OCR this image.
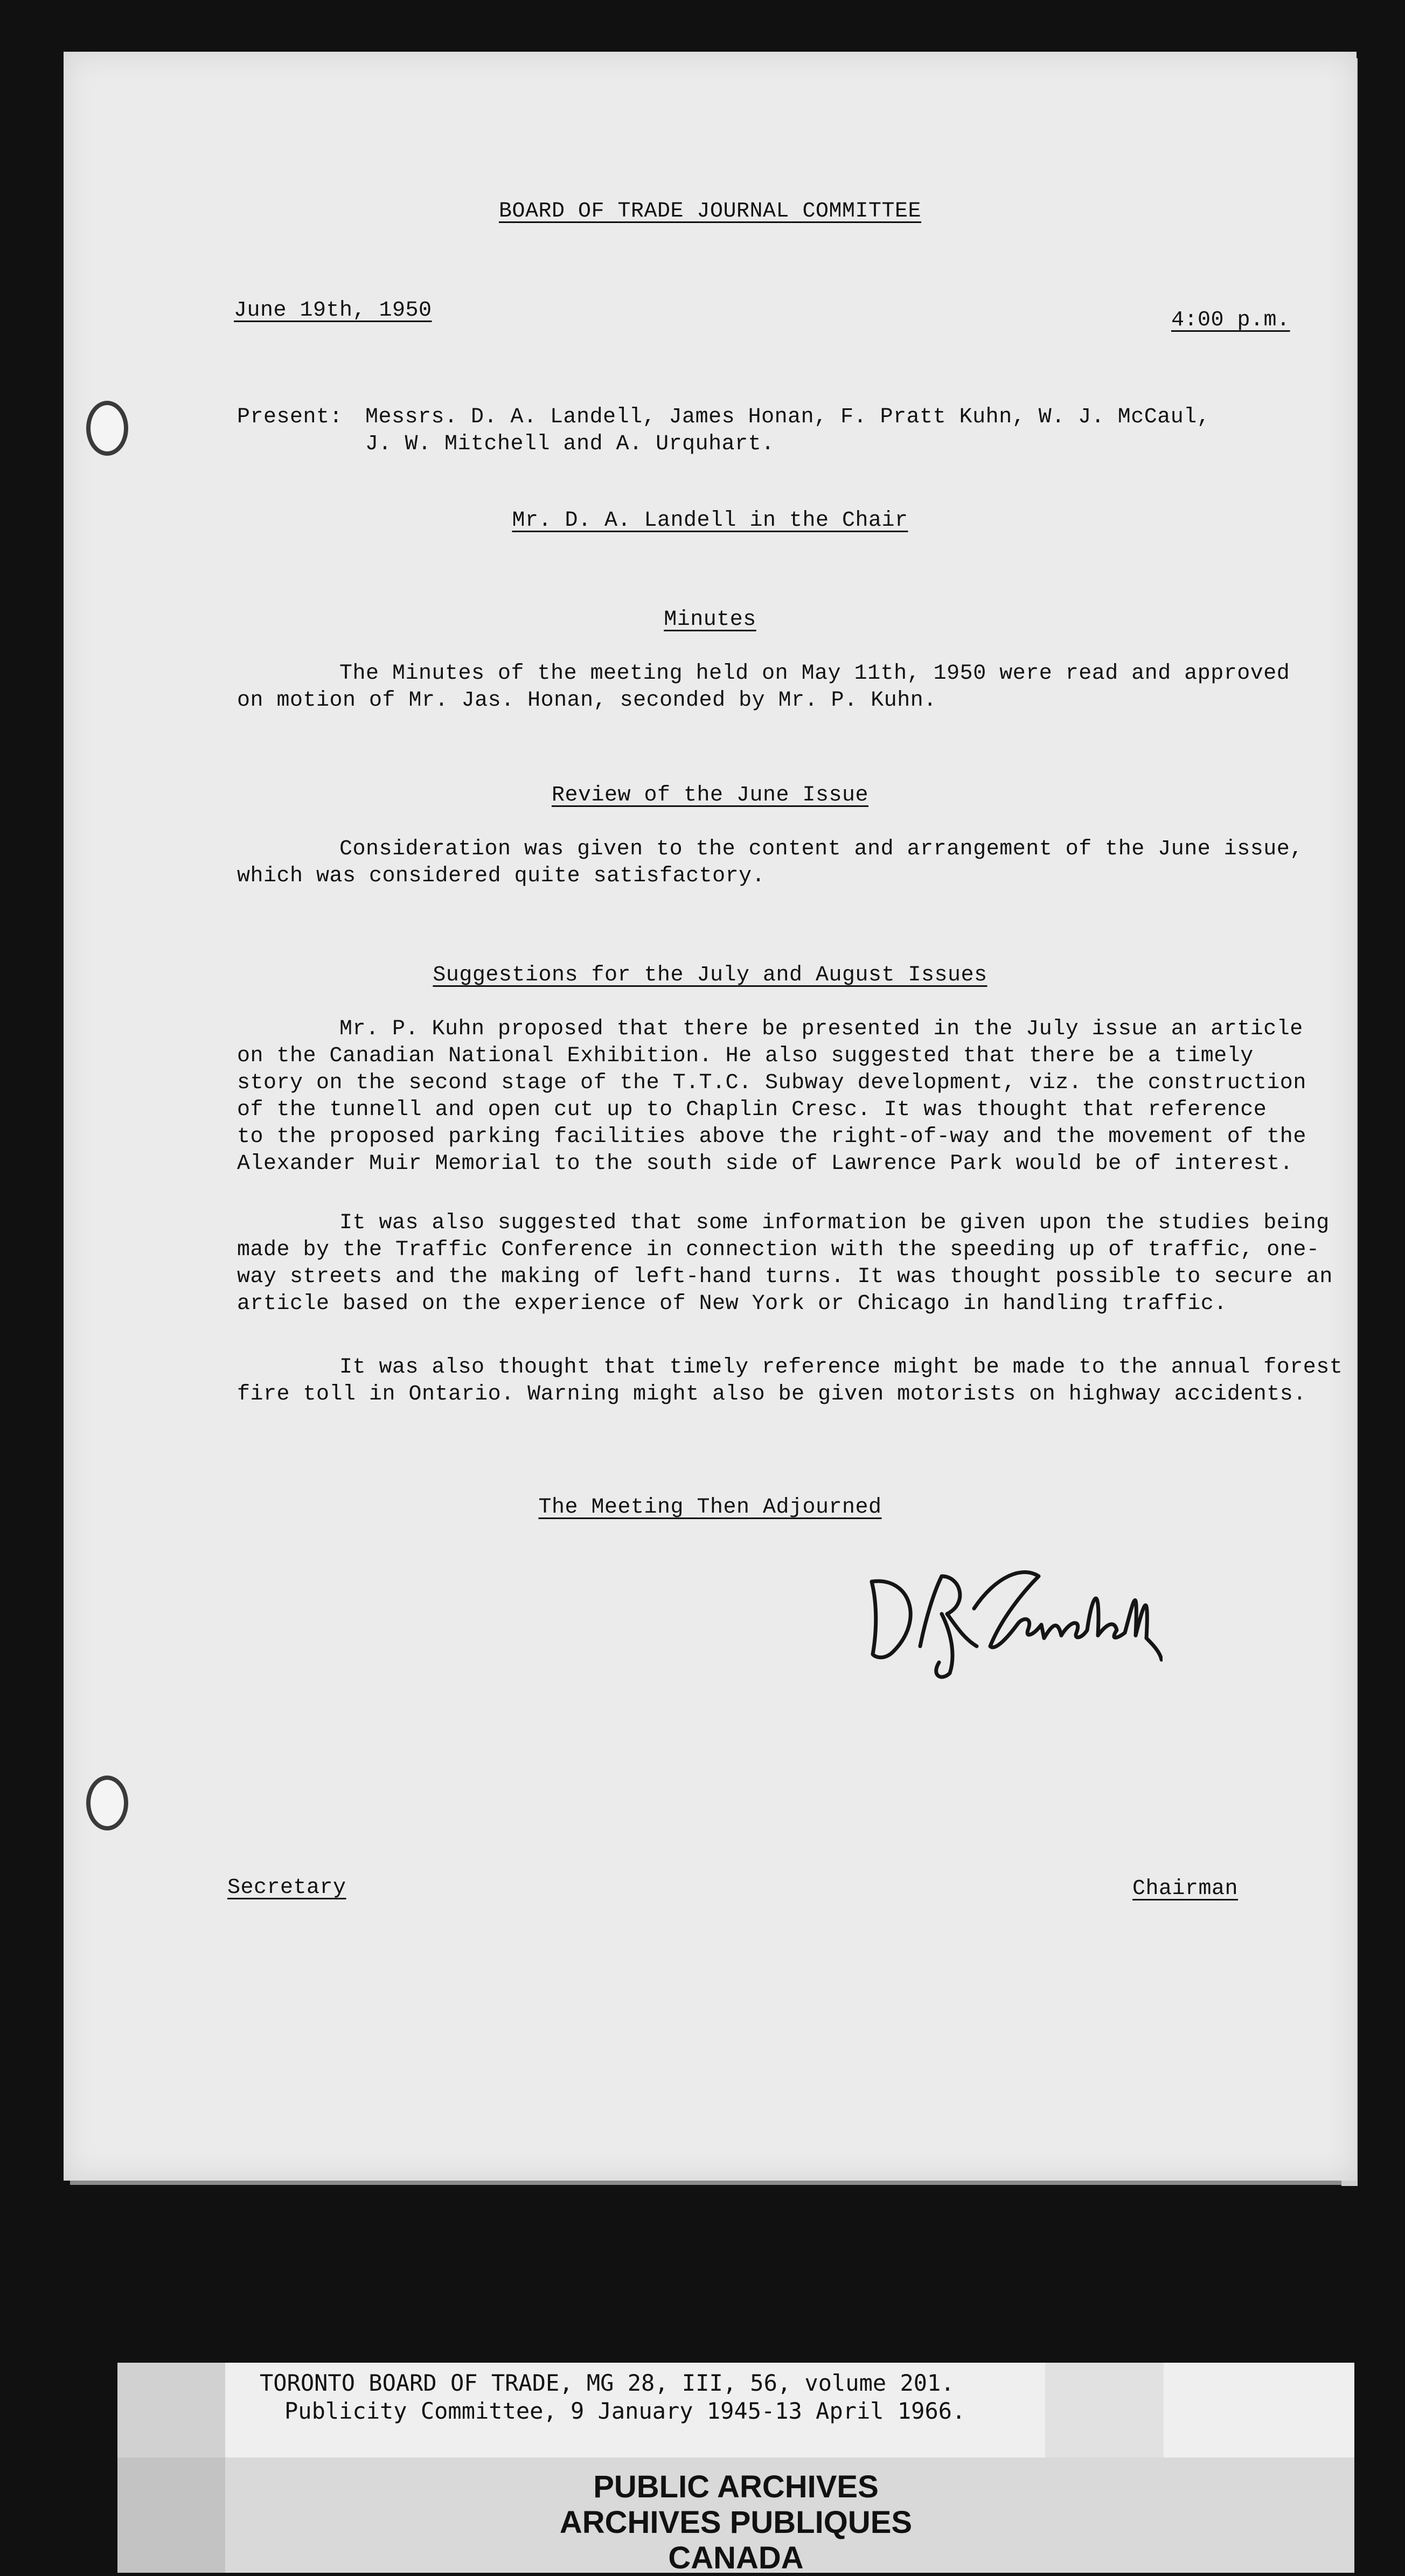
BOARD OF TRADE JOURNAL COMMITTEE
June 19th, 1950	4:00 p.m.
Present: Messrs. D. A. Landell, James Honan, F. Pratt Kuhn, W. J. McCaul,
J. W. Mitchell and A. Urquhart.
Mr. D. A. Landell in the Chair
Minutes
The Minutes of the meeting held on May 11th, 1950 were read and approved
on motion of Mr. Jas. Honan, seconded by Mr. P. Kuhn.
Review of the June Issue
Consideration was given to the content and arrangement of the June issue,
which was considered quite satisfactory.
Suggestions for the July and August Issues
Mr. P. Kuhn proposed that there be presented in the July issue an article
on the Canadian National Exhibition. He also suggested that there be a timely
story on the second stage of the T.T.C. Subway development, viz. the construction
of the tunnell and open cut up to Chaplin Cresc. It was thought that reference
to the proposed parking facilities above the right-of-way and the movement of the
Alexander Muir Memorial to the south side of Lawrence Park would be of interest.
It was also suggested that some information be given upon the studies being
made by the Traffic Conference in connection with the speeding up of traffic, one-
way streets and the making of left-hand turns. It was thought possible to secure an
article based on the experience of New York or Chicago in handling traffic.
It was also thought that timely reference might be made to the annual forest
fire toll in Ontario. Warning might also be given motorists on highway accidents.
The Meeting Then Adjourned
Secretary	Chairman
TORONTO BOARD OF TRADE, MG 28, III, 56, volume 201.
Publicity Committee, 9 January 1945-13 April 1966.
PUBLIC ARCHIVES
ARCHIVES PUBLIQUES
CANADA
